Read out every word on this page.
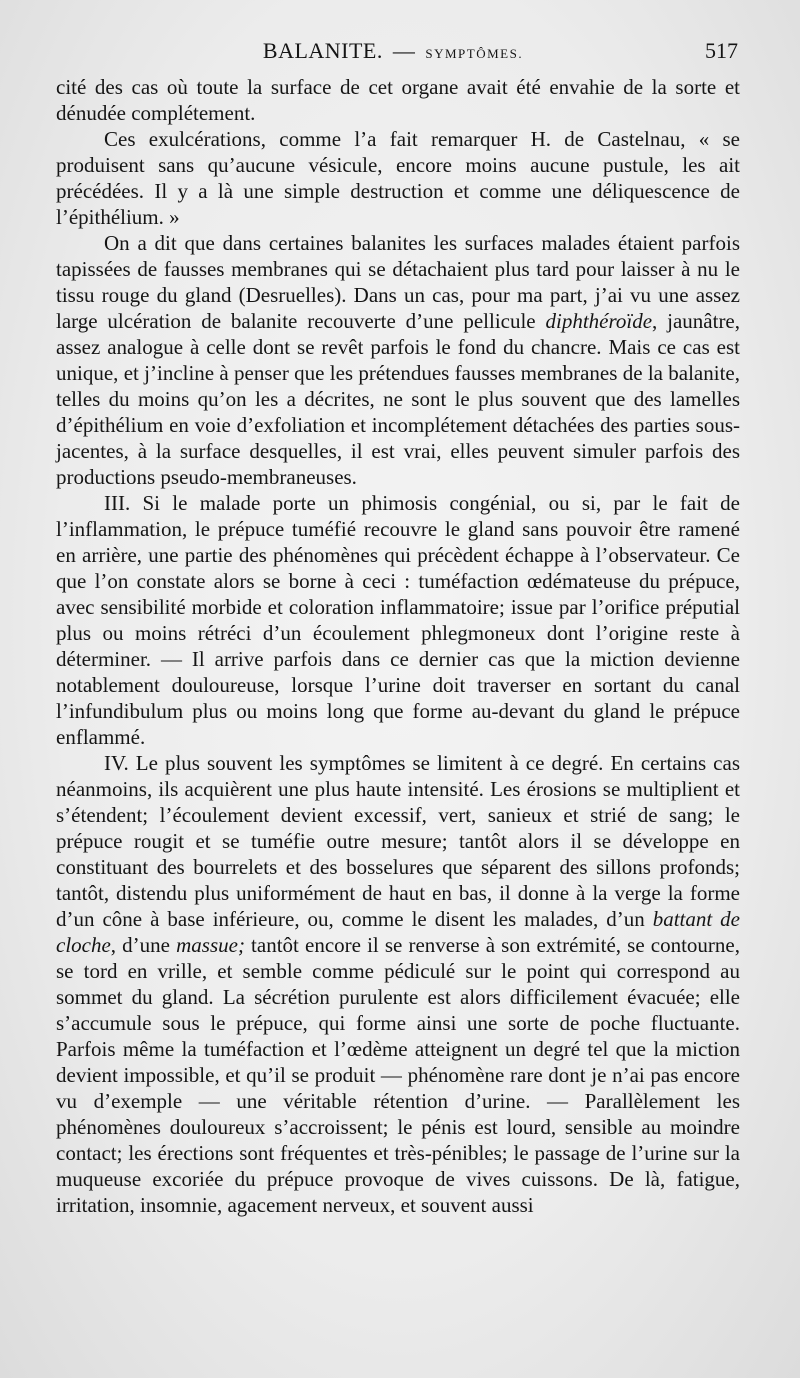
BALANITE. — SYMPTÔMES.	517

cité des cas où toute la surface de cet organe avait été envahie de la sorte et dénudée complétement.

Ces exulcérations, comme l’a fait remarquer H. de Castelnau, « se produisent sans qu’aucune vésicule, encore moins aucune pustule, les ait précédées. Il y a là une simple destruction et comme une déliquescence de l’épithélium. »

On a dit que dans certaines balanites les surfaces malades étaient parfois tapissées de fausses membranes qui se détachaient plus tard pour laisser à nu le tissu rouge du gland (Desruelles). Dans un cas, pour ma part, j’ai vu une assez large ulcération de balanite recouverte d’une pellicule diphthéroïde, jaunâtre, assez analogue à celle dont se revêt parfois le fond du chancre. Mais ce cas est unique, et j’incline à penser que les prétendues fausses membranes de la balanite, telles du moins qu’on les a décrites, ne sont le plus souvent que des lamelles d’épithélium en voie d’exfoliation et incomplétement détachées des parties sous-jacentes, à la surface desquelles, il est vrai, elles peuvent simuler parfois des productions pseudo-membraneuses.

III. Si le malade porte un phimosis congénial, ou si, par le fait de l’inflammation, le prépuce tuméfié recouvre le gland sans pouvoir être ramené en arrière, une partie des phénomènes qui précèdent échappe à l’observateur. Ce que l’on constate alors se borne à ceci : tuméfaction œdémateuse du prépuce, avec sensibilité morbide et coloration inflammatoire; issue par l’orifice préputial plus ou moins rétréci d’un écoulement phlegmoneux dont l’origine reste à déterminer. — Il arrive parfois dans ce dernier cas que la miction devienne notablement douloureuse, lorsque l’urine doit traverser en sortant du canal l’infundibulum plus ou moins long que forme au-devant du gland le prépuce enflammé.

IV. Le plus souvent les symptômes se limitent à ce degré. En certains cas néanmoins, ils acquièrent une plus haute intensité. Les érosions se multiplient et s’étendent; l’écoulement devient excessif, vert, sanieux et strié de sang; le prépuce rougit et se tuméfie outre mesure; tantôt alors il se développe en constituant des bourrelets et des bosselures que séparent des sillons profonds; tantôt, distendu plus uniformément de haut en bas, il donne à la verge la forme d’un cône à base inférieure, ou, comme le disent les malades, d’un battant de cloche, d’une massue; tantôt encore il se renverse à son extrémité, se contourne, se tord en vrille, et semble comme pédiculé sur le point qui correspond au sommet du gland. La sécrétion purulente est alors difficilement évacuée; elle s’accumule sous le prépuce, qui forme ainsi une sorte de poche fluctuante. Parfois même la tuméfaction et l’œdème atteignent un degré tel que la miction devient impossible, et qu’il se produit — phénomène rare dont je n’ai pas encore vu d’exemple — une véritable rétention d’urine. — Parallèlement les phénomènes douloureux s’accroissent; le pénis est lourd, sensible au moindre contact; les érections sont fréquentes et très-pénibles; le passage de l’urine sur la muqueuse excoriée du prépuce provoque de vives cuissons. De là, fatigue, irritation, insomnie, agacement nerveux, et souvent aussi
